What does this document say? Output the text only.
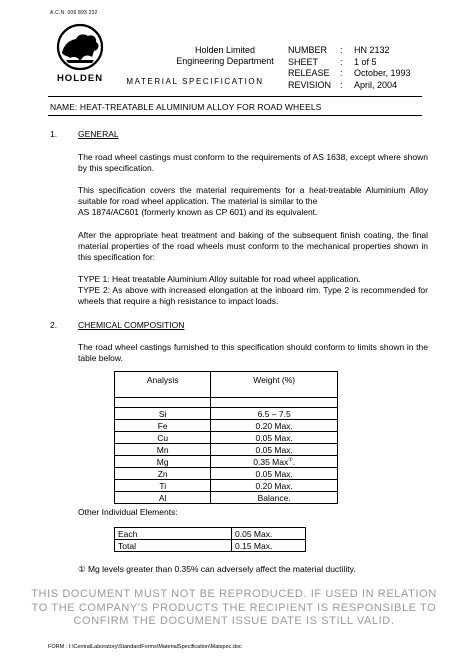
A.C.N. 006 893 232
HOLDEN
Holden Limited
Engineering Department
MATERIAL SPECIFICATION
NUMBER	:	HN 2132
SHEET	:	1 of 5
RELEASE	:	October, 1993
REVISION :	April, 2004
NAME: HEAT-TREATABLE ALUMINIUM ALLOY FOR ROAD WHEELS
1. GENERAL
The road wheel castings must conform to the requirements of AS 1638, except where shown by this specification.
This specification covers the material requirements for a heat-treatable Aluminium Alloy suitable for road wheel application. The material is similar to the
AS 1874/AC601 (formerly known as CP 601) and its equivalent.
After the appropriate heat treatment and baking of the subsequent finish coating, the final material properties of the road wheels must conform to the mechanical properties shown in this specification for:
TYPE 1: Heat treatable Aluminium Alloy suitable for road wheel application.
TYPE 2: As above with increased elongation at the inboard rim. Type 2 is recommended for wheels that require a high resistance to impact loads.
2. CHEMICAL COMPOSITION
The road wheel castings furnished to this specification should conform to limits shown in the table below.
Analysis	Weight (%)

Si	6.5 – 7.5
Fe	0.20 Max.
Cu	0.05 Max.
Mn	0.05 Max.
Mg	0.35 Max①.
Zn	0.05 Max.
Ti	0.20 Max.
Al	Balance.
Other Individual Elements:
Each	0.05 Max.
Total	0.15 Max.
① Mg levels greater than 0.35% can adversely affect the material ductility.
THIS DOCUMENT MUST NOT BE REPRODUCED. IF USED IN RELATION
TO THE COMPANY'S PRODUCTS THE RECIPIENT IS RESPONSIBLE TO
CONFIRM THE DOCUMENT ISSUE DATE IS STILL VALID.
FORM : I:\CentralLaboratory\StandardForms\MaterialSpecification\Matspec.doc
